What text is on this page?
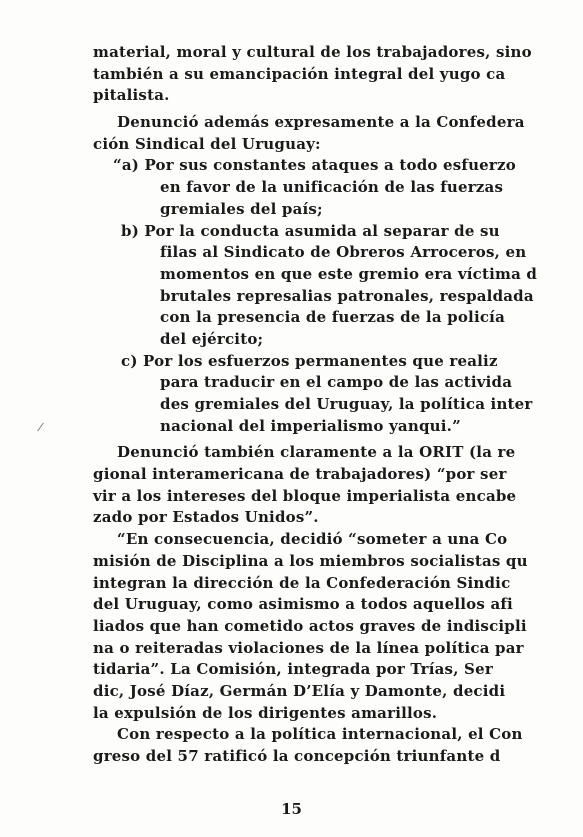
material, moral y cultural de los trabajadores, sino
también a su emancipación integral del yugo ca
pitalista.
Denunció además expresamente a la Confedera
ción Sindical del Uruguay:
“a) Por sus constantes ataques a todo esfuerzo
en favor de la unificación de las fuerzas
gremiales del país;
b) Por la conducta asumida al separar de su
filas al Sindicato de Obreros Arroceros, en
momentos en que este gremio era víctima d
brutales represalias patronales, respaldada
con la presencia de fuerzas de la policía
del ejército;
c) Por los esfuerzos permanentes que realiz
para traducir en el campo de las activida
des gremiales del Uruguay, la política inter
nacional del imperialismo yanqui.”
Denunció también claramente a la ORIT (la re
gional interamericana de trabajadores) “por ser
vir a los intereses del bloque imperialista encabe
zado por Estados Unidos”.
“En consecuencia, decidió “someter a una Co
misión de Disciplina a los miembros socialistas qu
integran la dirección de la Confederación Sindic
del Uruguay, como asimismo a todos aquellos afi
liados que han cometido actos graves de indiscipli
na o reiteradas violaciones de la línea política par
tidaria”. La Comisión, integrada por Trías, Ser
dic, José Díaz, Germán D’Elía y Damonte, decidi
la expulsión de los dirigentes amarillos.
Con respecto a la política internacional, el Con
greso del 57 ratificó la concepción triunfante d
15
